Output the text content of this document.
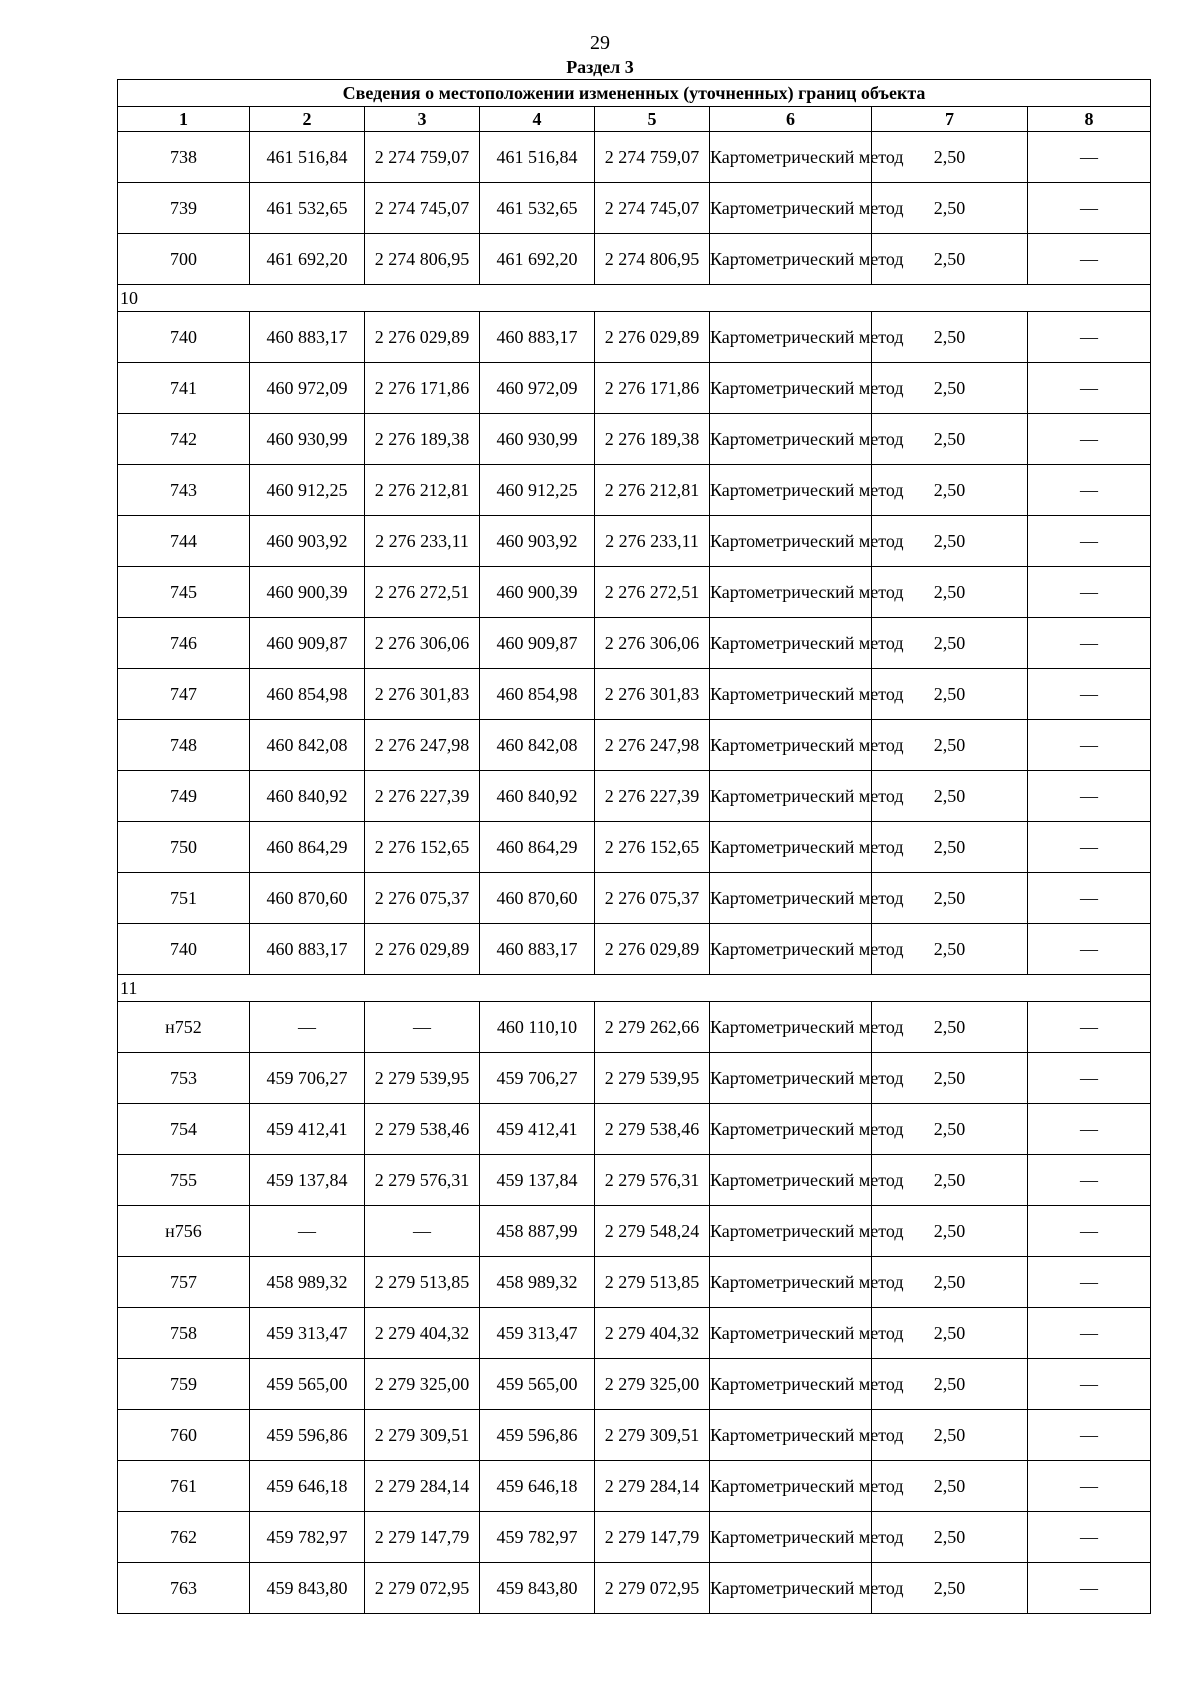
29
Раздел 3
Сведения о местоположении измененных (уточненных) границ объекта							
1	2	3	4	5	6	7	8
738	461 516,84	2 274 759,07	461 516,84	2 274 759,07	Картометрический метод	2,50	—
739	461 532,65	2 274 745,07	461 532,65	2 274 745,07	Картометрический метод	2,50	—
700	461 692,20	2 274 806,95	461 692,20	2 274 806,95	Картометрический метод	2,50	—
10							
740	460 883,17	2 276 029,89	460 883,17	2 276 029,89	Картометрический метод	2,50	—
741	460 972,09	2 276 171,86	460 972,09	2 276 171,86	Картометрический метод	2,50	—
742	460 930,99	2 276 189,38	460 930,99	2 276 189,38	Картометрический метод	2,50	—
743	460 912,25	2 276 212,81	460 912,25	2 276 212,81	Картометрический метод	2,50	—
744	460 903,92	2 276 233,11	460 903,92	2 276 233,11	Картометрический метод	2,50	—
745	460 900,39	2 276 272,51	460 900,39	2 276 272,51	Картометрический метод	2,50	—
746	460 909,87	2 276 306,06	460 909,87	2 276 306,06	Картометрический метод	2,50	—
747	460 854,98	2 276 301,83	460 854,98	2 276 301,83	Картометрический метод	2,50	—
748	460 842,08	2 276 247,98	460 842,08	2 276 247,98	Картометрический метод	2,50	—
749	460 840,92	2 276 227,39	460 840,92	2 276 227,39	Картометрический метод	2,50	—
750	460 864,29	2 276 152,65	460 864,29	2 276 152,65	Картометрический метод	2,50	—
751	460 870,60	2 276 075,37	460 870,60	2 276 075,37	Картометрический метод	2,50	—
740	460 883,17	2 276 029,89	460 883,17	2 276 029,89	Картометрический метод	2,50	—
11							
н752	—	—	460 110,10	2 279 262,66	Картометрический метод	2,50	—
753	459 706,27	2 279 539,95	459 706,27	2 279 539,95	Картометрический метод	2,50	—
754	459 412,41	2 279 538,46	459 412,41	2 279 538,46	Картометрический метод	2,50	—
755	459 137,84	2 279 576,31	459 137,84	2 279 576,31	Картометрический метод	2,50	—
н756	—	—	458 887,99	2 279 548,24	Картометрический метод	2,50	—
757	458 989,32	2 279 513,85	458 989,32	2 279 513,85	Картометрический метод	2,50	—
758	459 313,47	2 279 404,32	459 313,47	2 279 404,32	Картометрический метод	2,50	—
759	459 565,00	2 279 325,00	459 565,00	2 279 325,00	Картометрический метод	2,50	—
760	459 596,86	2 279 309,51	459 596,86	2 279 309,51	Картометрический метод	2,50	—
761	459 646,18	2 279 284,14	459 646,18	2 279 284,14	Картометрический метод	2,50	—
762	459 782,97	2 279 147,79	459 782,97	2 279 147,79	Картометрический метод	2,50	—
763	459 843,80	2 279 072,95	459 843,80	2 279 072,95	Картометрический метод	2,50	—
